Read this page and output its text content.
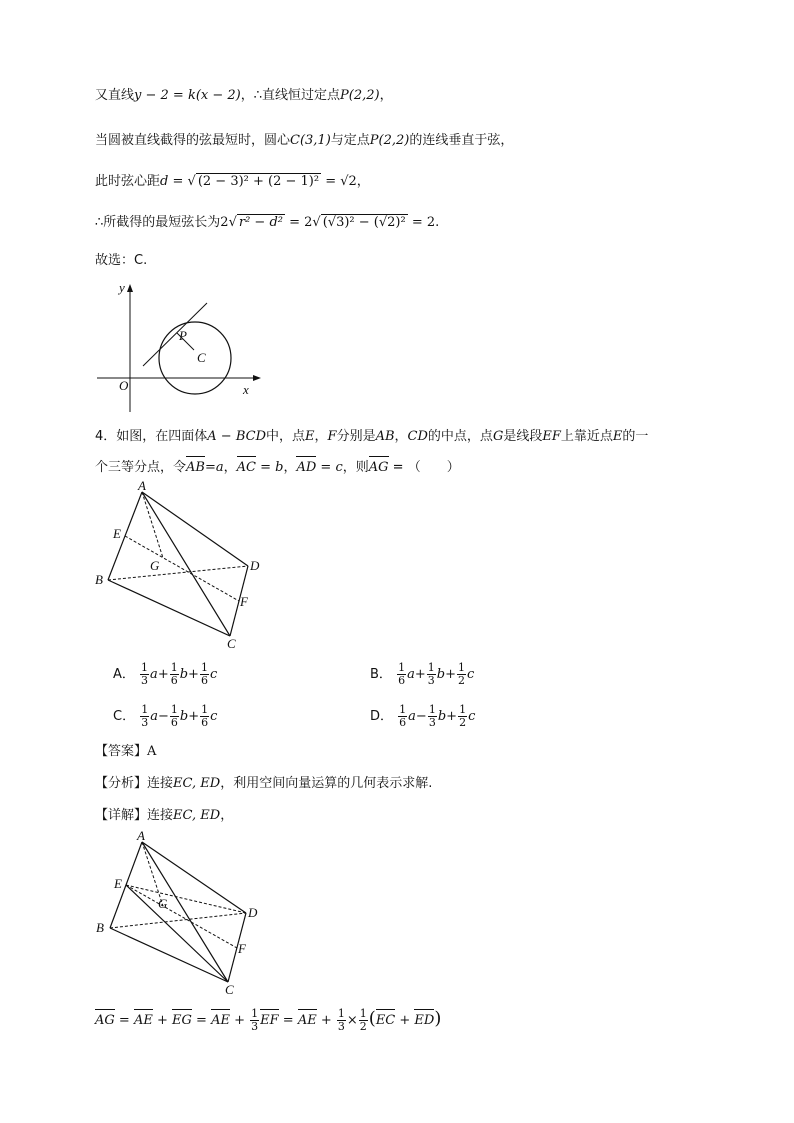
又直线y − 2 = k(x − 2)，∴直线恒过定点P(2,2)，
当圆被直线截得的弦最短时，圆心C(3,1)与定点P(2,2)的连线垂直于弦，
此时弦心距d = √ (2 − 3)² + (2 − 1)² = √2，
∴所截得的最短弦长为2√ r² − d² = 2√ (√3)² − (√2)² = 2.
故选：C.
y
x
O
P
C
4．如图，在四面体A − BCD中，点E，F分别是AB，CD的中点，点G是线段EF上靠近点E的一
个三等分点，令AB=a，AC = b，AD = c，则AG = （　　）
A
B
C
D
E
F
G
A． $\frac{1}{3} a+ \frac{1}{6} b+ \frac{1}{6}$ c	B． $\frac{1}{6} a+ \frac{1}{3} b+ \frac{1}{2}$ c
C． $\frac{1}{3} a- \frac{1}{6} b+ \frac{1}{6}$ c	D． $\frac{1}{6} a- \frac{1}{3} b+ \frac{1}{2}$ c
【答案】A
【分析】连接EC, ED，利用空间向量运算的几何表示求解.
【详解】连接EC, ED，
A
B
C
D
E
F
G
AG = AE + EG = AE + $\frac{1}{3}$ EF = AE + $\frac{1}{3} \times \frac{1}{2} (EC + ED)$
